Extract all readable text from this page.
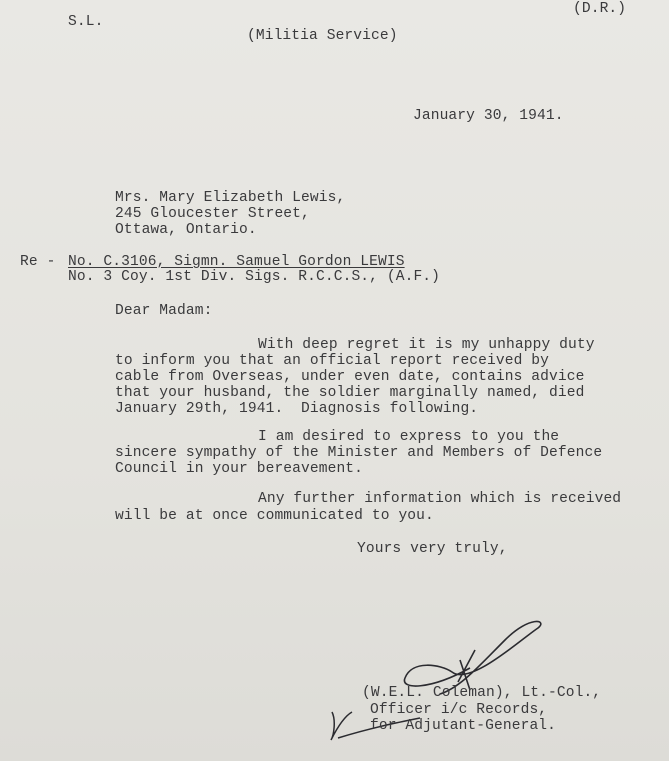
(D.R.)
S.L.
(Militia Service)
January 30, 1941.
Mrs. Mary Elizabeth Lewis,
245 Gloucester Street,
Ottawa, Ontario.
Re - No. C.3106, Sigmn. Samuel Gordon LEWIS
No. 3 Coy. 1st Div. Sigs. R.C.C.S., (A.F.)
Dear Madam:
With deep regret it is my unhappy duty
to inform you that an official report received by
cable from Overseas, under even date, contains advice
that your husband, the soldier marginally named, died
January 29th, 1941.  Diagnosis following.
I am desired to express to you the
sincere sympathy of the Minister and Members of Defence
Council in your bereavement.
Any further information which is received
will be at once communicated to you.
Yours very truly,
(W.E.L. Coleman), Lt.-Col.,
Officer i/c Records,
for Adjutant-General.
